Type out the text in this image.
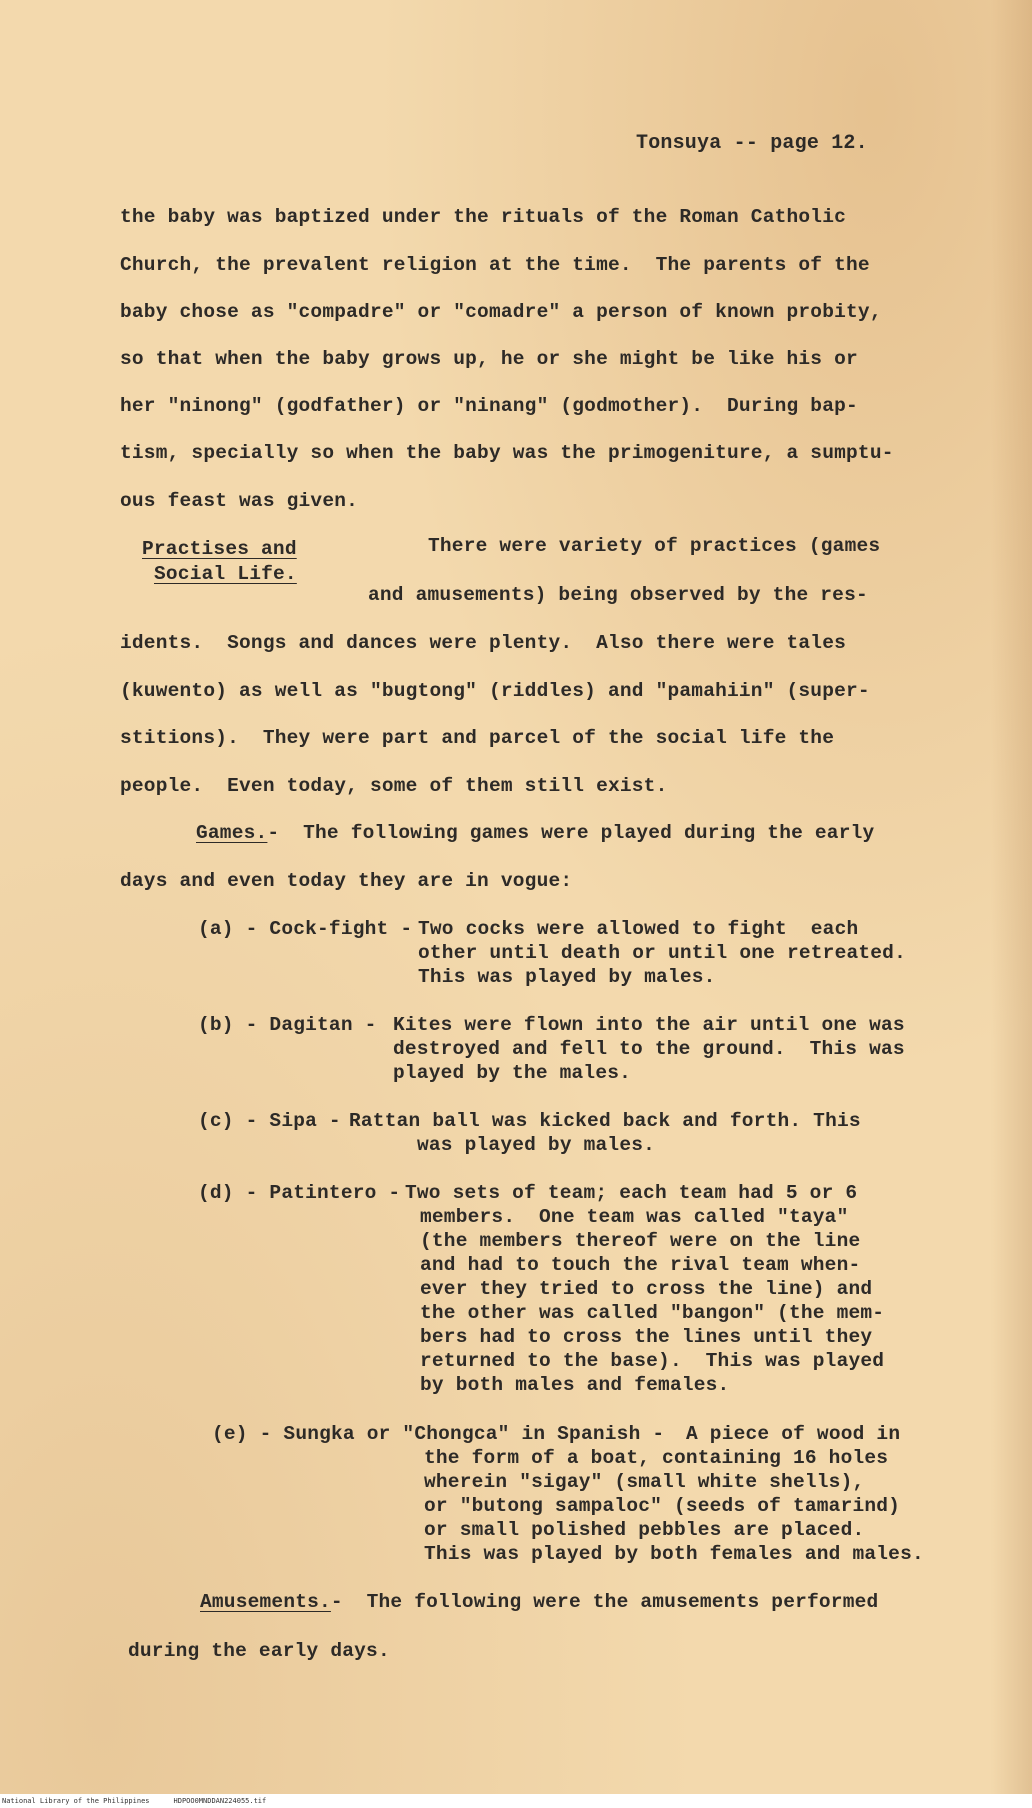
Tonsuya -- page 12.
the baby was baptized under the rituals of the Roman Catholic
Church, the prevalent religion at the time.  The parents of the
baby chose as "compadre" or "comadre" a person of known probity,
so that when the baby grows up, he or she might be like his or
her "ninong" (godfather) or "ninang" (godmother).  During bap-
tism, specially so when the baby was the primogeniture, a sumptu-
ous feast was given.
Practises and
Social Life.
There were variety of practices (games
and amusements) being observed by the res-
idents.  Songs and dances were plenty.  Also there were tales
(kuwento) as well as "bugtong" (riddles) and "pamahiin" (super-
stitions).  They were part and parcel of the social life the
people.  Even today, some of them still exist.
Games.-  The following games were played during the early
days and even today they are in vogue:
(a) - Cock-fight -
Two cocks were allowed to fight  each
other until death or until one retreated.
This was played by males.
(b) - Dagitan - Kites were flown into the air until one was
destroyed and fell to the ground.  This was
played by the males.
(c) - Sipa -
Rattan ball was kicked back and forth. This
was played by males.
(d) - Patintero -
Two sets of team; each team had 5 or 6
members.  One team was called "taya"
(the members thereof were on the line
and had to touch the rival team when-
ever they tried to cross the line) and
the other was called "bangon" (the mem-
bers had to cross the lines until they
returned to the base).  This was played
by both males and females.
(e) - Sungka or "Chongca" in Spanish - A piece of wood in
the form of a boat, containing 16 holes
wherein "sigay" (small white shells),
or "butong sampaloc" (seeds of tamarind)
or small polished pebbles are placed.
This was played by both females and males.
Amusements.-  The following were the amusements performed
during the early days.
National Library of the Philippines	HDPOO0MNDDAN224055.tif
